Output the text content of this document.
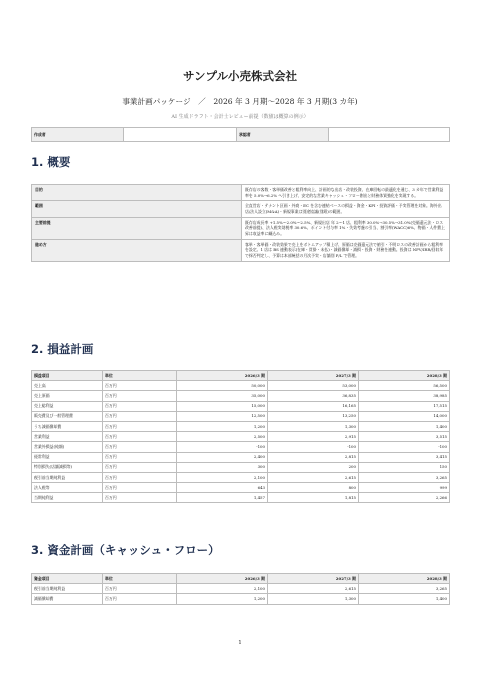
サンプル小売株式会社
事業計画パッケージ　／　2026 年 3 月期〜2028 年 3 月期(3 カ年)
AI 生成ドラフト・会計士レビュー前提（数値は概算の例示）
作成者		承認者	
1. 概要
目的	既存店の客数・客単価改善と粗利率向上、計画的な出店・改装投資、在庫回転の最適化を通じ、3 カ年で営業利益率を 5.0%→6.2% へ引き上げ、安定的な営業キャッシュ・フロー創出と財務体質強化を実現する。
範囲	全直営店・テナント区画・外商・EC を含む連結ベースの損益・資金・KPI・投資評価・予実管理を対象。海外出店/法人設立(M&A)・新規事業は別途協議(別紙)の範囲。
主要前提	既存店成長率 +1.5%〜2.0%〜2.5%、新規出店 年 2〜1 店、粗利率 30.0%→30.5%→31.0%(売価還元法・ロス改善前提)、法人税実効税率 30.6%、ポイント付与率 1%・失効考慮の引当、割引率(WACC)6%、物価・人件費上昇は収益率に織込み。
進め方	客単・客単価・改装効果で売上をボトムアップ積上げ、原価は売価還元法で値引・不明ロスの改善計画から粗利率を設定。1 店は BS 連動表示(在庫・買掛・未払)・減価償却・減損・投資・財務を連動。投資は NPV/IRR/回収年で採否判定し、予算は本部統括の月次予実・店舗別 P/L で管理。
2. 損益計画
損益項目	単位	2026/3 期	2027/3 期	2028/3 期
売上高	百万円	50,000	53,000	56,500
売上原価	百万円	35,000	36,835	38,985
売上総利益	百万円	15,000	16,165	17,515
販売費及び一般管理費	百万円	12,500	13,250	14,000
うち減価償却費	百万円	1,200	1,300	1,400
営業利益	百万円	2,500	2,915	3,515
営業外損益(純額)	百万円	-100	-100	-100
経常利益	百万円	2,400	2,815	3,415
特別損失(店舗減損等)	百万円	300	200	150
税引前当期純利益	百万円	2,100	2,615	3,265
法人税等	百万円	643	800	999
当期純利益	百万円	1,457	1,815	2,266
3. 資金計画（キャッシュ・フロー）
資金項目	単位	2026/3 期	2027/3 期	2028/3 期
税引前当期純利益	百万円	2,100	2,615	3,265
減価償却費	百万円	1,200	1,300	1,400
1
